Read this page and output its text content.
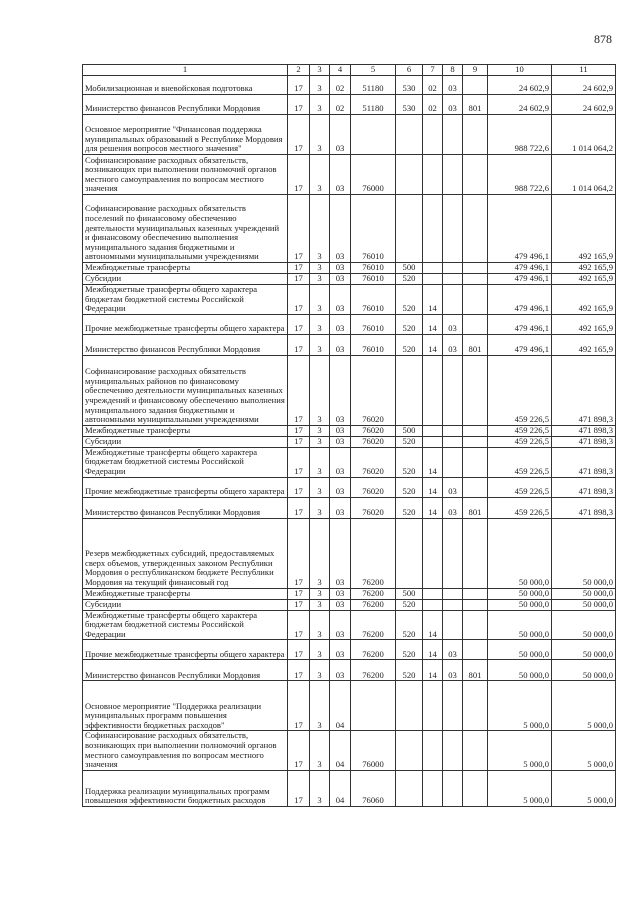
878
1	2	3	4	5	6	7	8	9	10	11
Мобилизационная и вневойсковая подготовка	17	3	02	51180	530	02	03		24 602,9	24 602,9
Министерство финансов Республики Мордовия	17	3	02	51180	530	02	03	801	24 602,9	24 602,9
Основное мероприятие "Финансовая поддержка муниципальных образований в Республике Мордовия для решения вопросов местного значения"	17	3	03						988 722,6	1 014 064,2
Софинансирование расходных обязательств, возникающих при выполнении полномочий органов местного самоуправления по вопросам местного значения	17	3	03	76000					988 722,6	1 014 064,2
Софинансирование расходных обязательств поселений по финансовому обеспечению деятельности муниципальных казенных учреждений и финансовому обеспечению выполнения муниципального задания бюджетными и автономными муниципальными учреждениями	17	3	03	76010					479 496,1	492 165,9
Межбюджетные трансферты	17	3	03	76010	500				479 496,1	492 165,9
Субсидии	17	3	03	76010	520				479 496,1	492 165,9
Межбюджетные трансферты общего характера бюджетам бюджетной системы Российской Федерации	17	3	03	76010	520	14			479 496,1	492 165,9
Прочие межбюджетные трансферты общего характера	17	3	03	76010	520	14	03		479 496,1	492 165,9
Министерство финансов Республики Мордовия	17	3	03	76010	520	14	03	801	479 496,1	492 165,9
Софинансирование расходных обязательств муниципальных районов по финансовому обеспечению деятельности муниципальных казенных учреждений и финансовому обеспечению выполнения муниципального задания бюджетными и автономными муниципальными учреждениями	17	3	03	76020					459 226,5	471 898,3
Межбюджетные трансферты	17	3	03	76020	500				459 226,5	471 898,3
Субсидии	17	3	03	76020	520				459 226,5	471 898,3
Межбюджетные трансферты общего характера бюджетам бюджетной системы Российской Федерации	17	3	03	76020	520	14			459 226,5	471 898,3
Прочие межбюджетные трансферты общего характера	17	3	03	76020	520	14	03		459 226,5	471 898,3
Министерство финансов Республики Мордовия	17	3	03	76020	520	14	03	801	459 226,5	471 898,3
Резерв межбюджетных субсидий, предоставляемых сверх объемов, утвержденных законом Республики Мордовия о республиканском бюджете Республики Мордовия на текущий финансовый год	17	3	03	76200					50 000,0	50 000,0
Межбюджетные трансферты	17	3	03	76200	500				50 000,0	50 000,0
Субсидии	17	3	03	76200	520				50 000,0	50 000,0
Межбюджетные трансферты общего характера бюджетам бюджетной системы Российской Федерации	17	3	03	76200	520	14			50 000,0	50 000,0
Прочие межбюджетные трансферты общего характера	17	3	03	76200	520	14	03		50 000,0	50 000,0
Министерство финансов Республики Мордовия	17	3	03	76200	520	14	03	801	50 000,0	50 000,0
Основное мероприятие "Поддержка реализации муниципальных программ повышения эффективности бюджетных расходов"	17	3	04						5 000,0	5 000,0
Софинансирование расходных обязательств, возникающих при выполнении полномочий органов местного самоуправления по вопросам местного значения	17	3	04	76000					5 000,0	5 000,0
Поддержка реализации муниципальных программ повышения эффективности бюджетных расходов	17	3	04	76060					5 000,0	5 000,0
